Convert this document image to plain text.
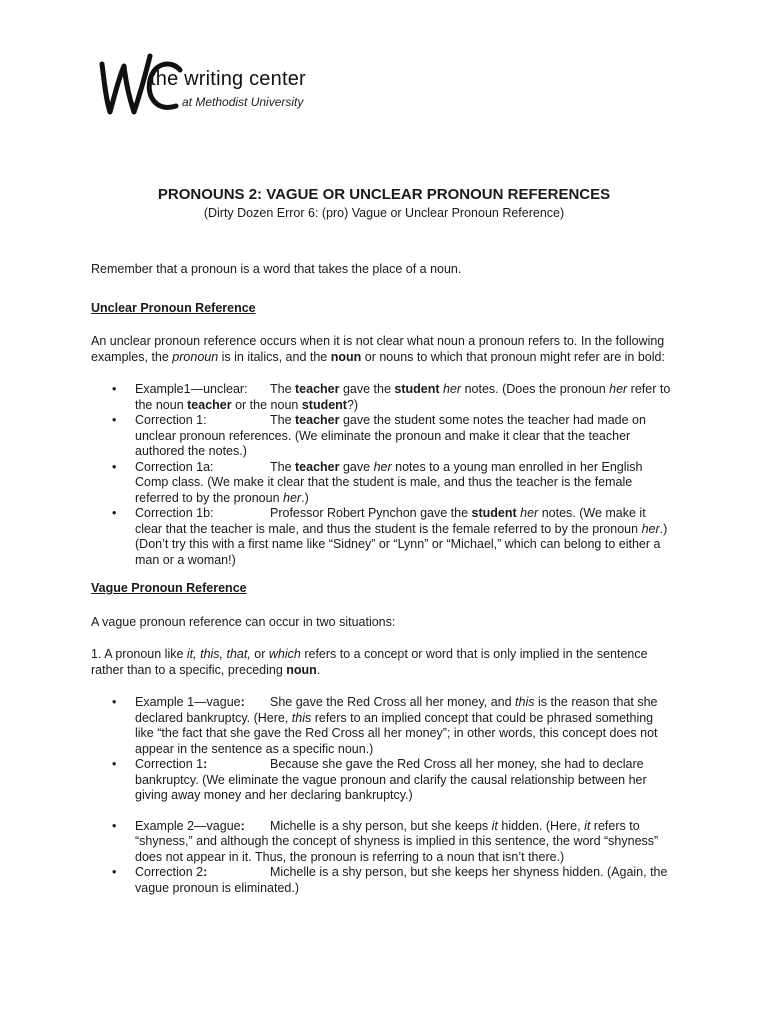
the writing center
at Methodist University
PRONOUNS 2: VAGUE OR UNCLEAR PRONOUN REFERENCES
(Dirty Dozen Error 6: (pro) Vague or Unclear Pronoun Reference)
Remember that a pronoun is a word that takes the place of a noun.
Unclear Pronoun Reference
An unclear pronoun reference occurs when it is not clear what noun a pronoun refers to. In the following
examples, the pronoun is in italics, and the noun or nouns to which that pronoun might refer are in bold:
• Example1—unclear: The teacher gave the student her notes. (Does the pronoun her refer to
the noun teacher or the noun student?)
• Correction 1:	The teacher gave the student some notes the teacher had made on
unclear pronoun references. (We eliminate the pronoun and make it clear that the teacher
authored the notes.)
• Correction 1a:	The teacher gave her notes to a young man enrolled in her English
Comp class. (We make it clear that the student is male, and thus the teacher is the female
referred to by the pronoun her.)
• Correction 1b:	Professor Robert Pynchon gave the student her notes. (We make it
clear that the teacher is male, and thus the student is the female referred to by the pronoun her.)
(Don’t try this with a first name like “Sidney” or “Lynn” or “Michael,” which can belong to either a
man or a woman!)
Vague Pronoun Reference
A vague pronoun reference can occur in two situations:
1. A pronoun like it, this, that, or which refers to a concept or word that is only implied in the sentence
rather than to a specific, preceding noun.
• Example 1—vague: She gave the Red Cross all her money, and this is the reason that she
declared bankruptcy. (Here, this refers to an implied concept that could be phrased something
like “the fact that she gave the Red Cross all her money”; in other words, this concept does not
appear in the sentence as a specific noun.)
• Correction 1:	Because she gave the Red Cross all her money, she had to declare
bankruptcy. (We eliminate the vague pronoun and clarify the causal relationship between her
giving away money and her declaring bankruptcy.)
• Example 2—vague: Michelle is a shy person, but she keeps it hidden. (Here, it refers to
“shyness,” and although the concept of shyness is implied in this sentence, the word “shyness”
does not appear in it. Thus, the pronoun is referring to a noun that isn’t there.)
• Correction 2:	Michelle is a shy person, but she keeps her shyness hidden. (Again, the
vague pronoun is eliminated.)
